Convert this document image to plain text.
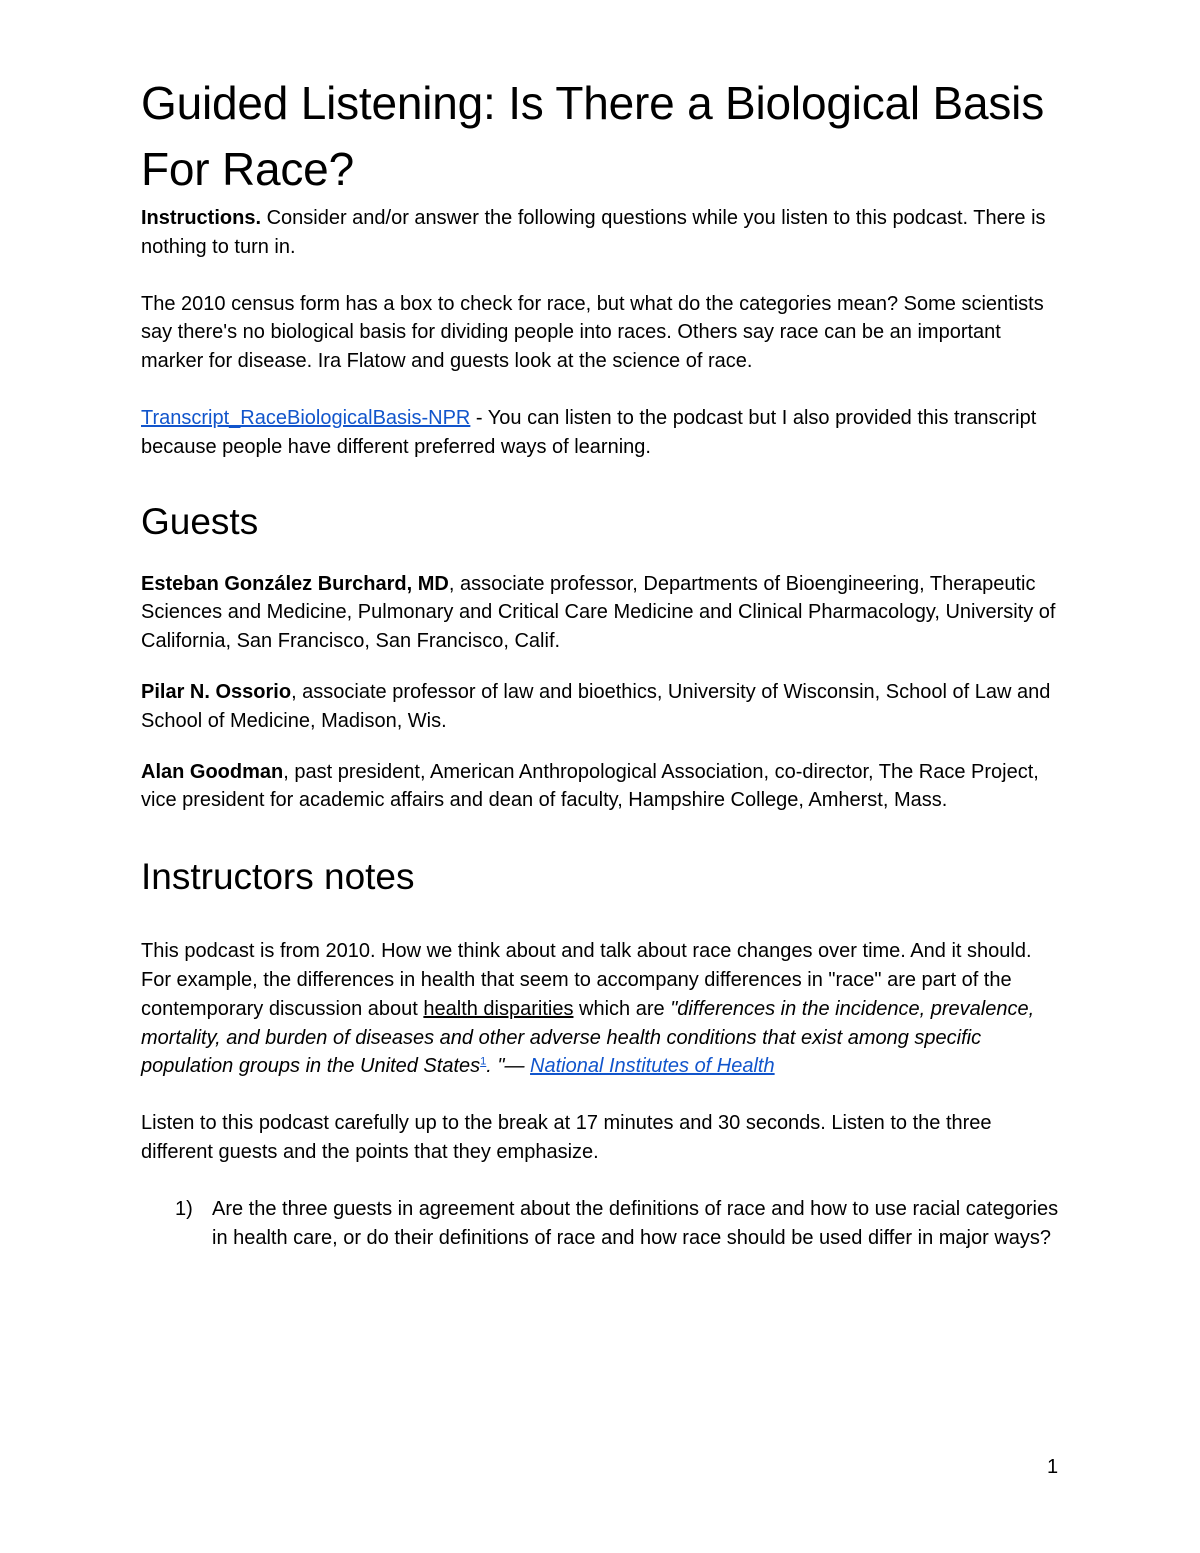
Guided Listening: Is There a Biological Basis For Race?

Instructions. Consider and/or answer the following questions while you listen to this podcast. There is nothing to turn in.

The 2010 census form has a box to check for race, but what do the categories mean? Some scientists say there's no biological basis for dividing people into races. Others say race can be an important marker for disease. Ira Flatow and guests look at the science of race.

Transcript_RaceBiologicalBasis-NPR - You can listen to the podcast but I also provided this transcript because people have different preferred ways of learning.

Guests

Esteban González Burchard, MD, associate professor, Departments of Bioengineering, Therapeutic Sciences and Medicine, Pulmonary and Critical Care Medicine and Clinical Pharmacology, University of California, San Francisco, San Francisco, Calif.

Pilar N. Ossorio, associate professor of law and bioethics, University of Wisconsin, School of Law and School of Medicine, Madison, Wis.

Alan Goodman, past president, American Anthropological Association, co-director, The Race Project, vice president for academic affairs and dean of faculty, Hampshire College, Amherst, Mass.

Instructors notes

This podcast is from 2010. How we think about and talk about race changes over time. And it should. For example, the differences in health that seem to accompany differences in "race" are part of the contemporary discussion about health disparities which are "differences in the incidence, prevalence, mortality, and burden of diseases and other adverse health conditions that exist among specific population groups in the United States$^1$. "— National Institutes of Health

Listen to this podcast carefully up to the break at 17 minutes and 30 seconds. Listen to the three different guests and the points that they emphasize.

1) Are the three guests in agreement about the definitions of race and how to use racial categories in health care, or do their definitions of race and how race should be used differ in major ways?
1
